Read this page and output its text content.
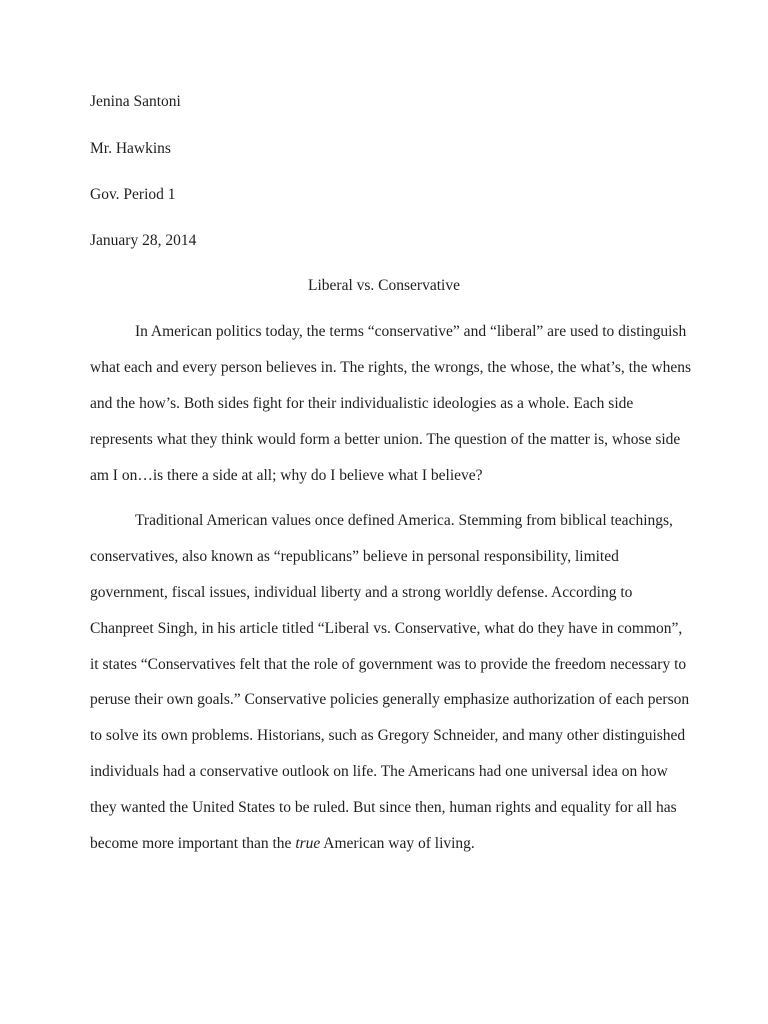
Jenina Santoni
Mr. Hawkins
Gov. Period 1
January 28, 2014
Liberal vs. Conservative
In American politics today, the terms “conservative” and “liberal” are used to distinguish
what each and every person believes in. The rights, the wrongs, the whose, the what’s, the whens
and the how’s. Both sides fight for their individualistic ideologies as a whole. Each side
represents what they think would form a better union. The question of the matter is, whose side
am I on…is there a side at all; why do I believe what I believe?
Traditional American values once defined America. Stemming from biblical teachings,
conservatives, also known as “republicans” believe in personal responsibility, limited
government, fiscal issues, individual liberty and a strong worldly defense. According to
Chanpreet Singh, in his article titled “Liberal vs. Conservative, what do they have in common”,
it states “Conservatives felt that the role of government was to provide the freedom necessary to
peruse their own goals.” Conservative policies generally emphasize authorization of each person
to solve its own problems. Historians, such as Gregory Schneider, and many other distinguished
individuals had a conservative outlook on life. The Americans had one universal idea on how
they wanted the United States to be ruled. But since then, human rights and equality for all has
become more important than the true American way of living.
